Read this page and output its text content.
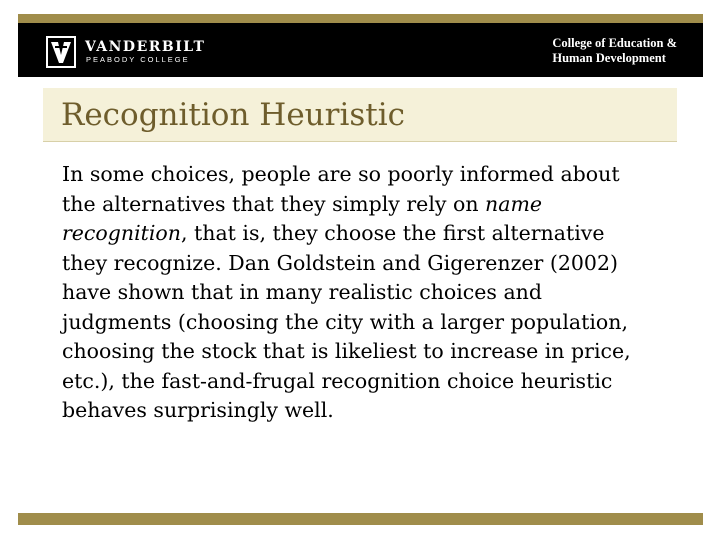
VANDERBILT
PEABODY COLLEGE
College of Education &
Human Development
Recognition Heuristic

In some choices, people are so poorly informed about
the alternatives that they simply rely on name
recognition, that is, they choose the first alternative
they recognize. Dan Goldstein and Gigerenzer (2002)
have shown that in many realistic choices and
judgments (choosing the city with a larger population,
choosing the stock that is likeliest to increase in price,
etc.), the fast-and-frugal recognition choice heuristic
behaves surprisingly well.
